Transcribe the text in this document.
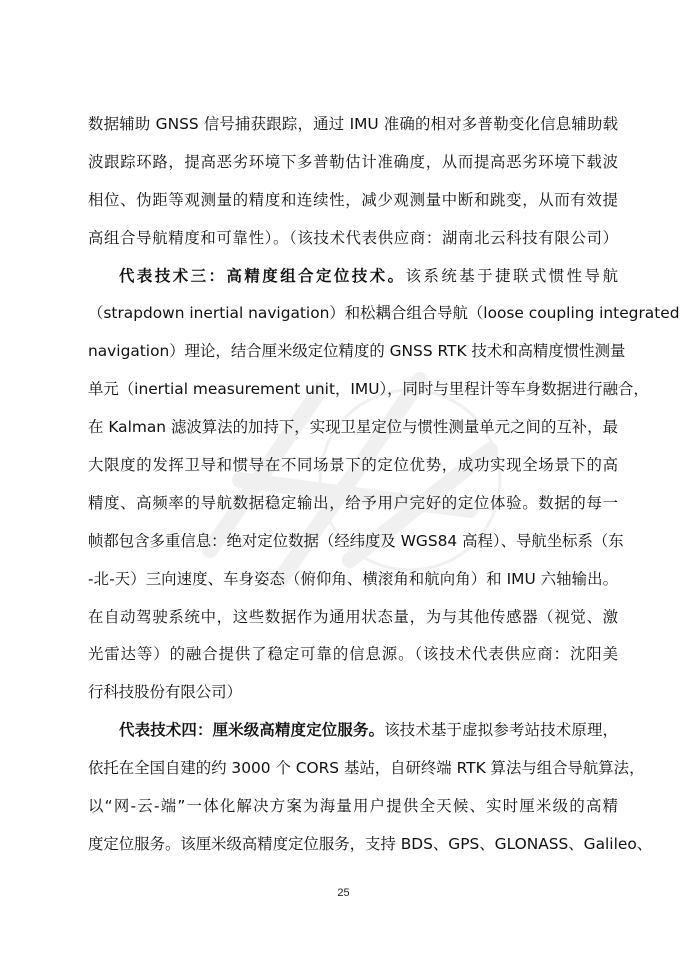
数据辅助 GNSS 信号捕获跟踪，通过 IMU 准确的相对多普勒变化信息辅助载
波跟踪环路，提高恶劣环境下多普勒估计准确度，从而提高恶劣环境下载波
相位、伪距等观测量的精度和连续性，减少观测量中断和跳变，从而有效提
高组合导航精度和可靠性）。（该技术代表供应商：湖南北云科技有限公司）
代表技术三：高精度组合定位技术。该系统基于捷联式惯性导航
（strapdown inertial navigation）和松耦合组合导航（loose coupling integrated
navigation）理论，结合厘米级定位精度的 GNSS RTK 技术和高精度惯性测量
单元（inertial measurement unit，IMU），同时与里程计等车身数据进行融合，
在 Kalman 滤波算法的加持下，实现卫星定位与惯性测量单元之间的互补，最
大限度的发挥卫导和惯导在不同场景下的定位优势，成功实现全场景下的高
精度、高频率的导航数据稳定输出，给予用户完好的定位体验。数据的每一
帧都包含多重信息：绝对定位数据（经纬度及 WGS84 高程）、导航坐标系（东
-北-天）三向速度、车身姿态（俯仰角、横滚角和航向角）和 IMU 六轴输出。
在自动驾驶系统中，这些数据作为通用状态量，为与其他传感器（视觉、激
光雷达等）的融合提供了稳定可靠的信息源。（该技术代表供应商：沈阳美
行科技股份有限公司）
代表技术四：厘米级高精度定位服务。该技术基于虚拟参考站技术原理，
依托在全国自建的约 3000 个 CORS 基站，自研终端 RTK 算法与组合导航算法，
以“网-云-端”一体化解决方案为海量用户提供全天候、实时厘米级的高精
度定位服务。该厘米级高精度定位服务，支持 BDS、GPS、GLONASS、Galileo、
25
